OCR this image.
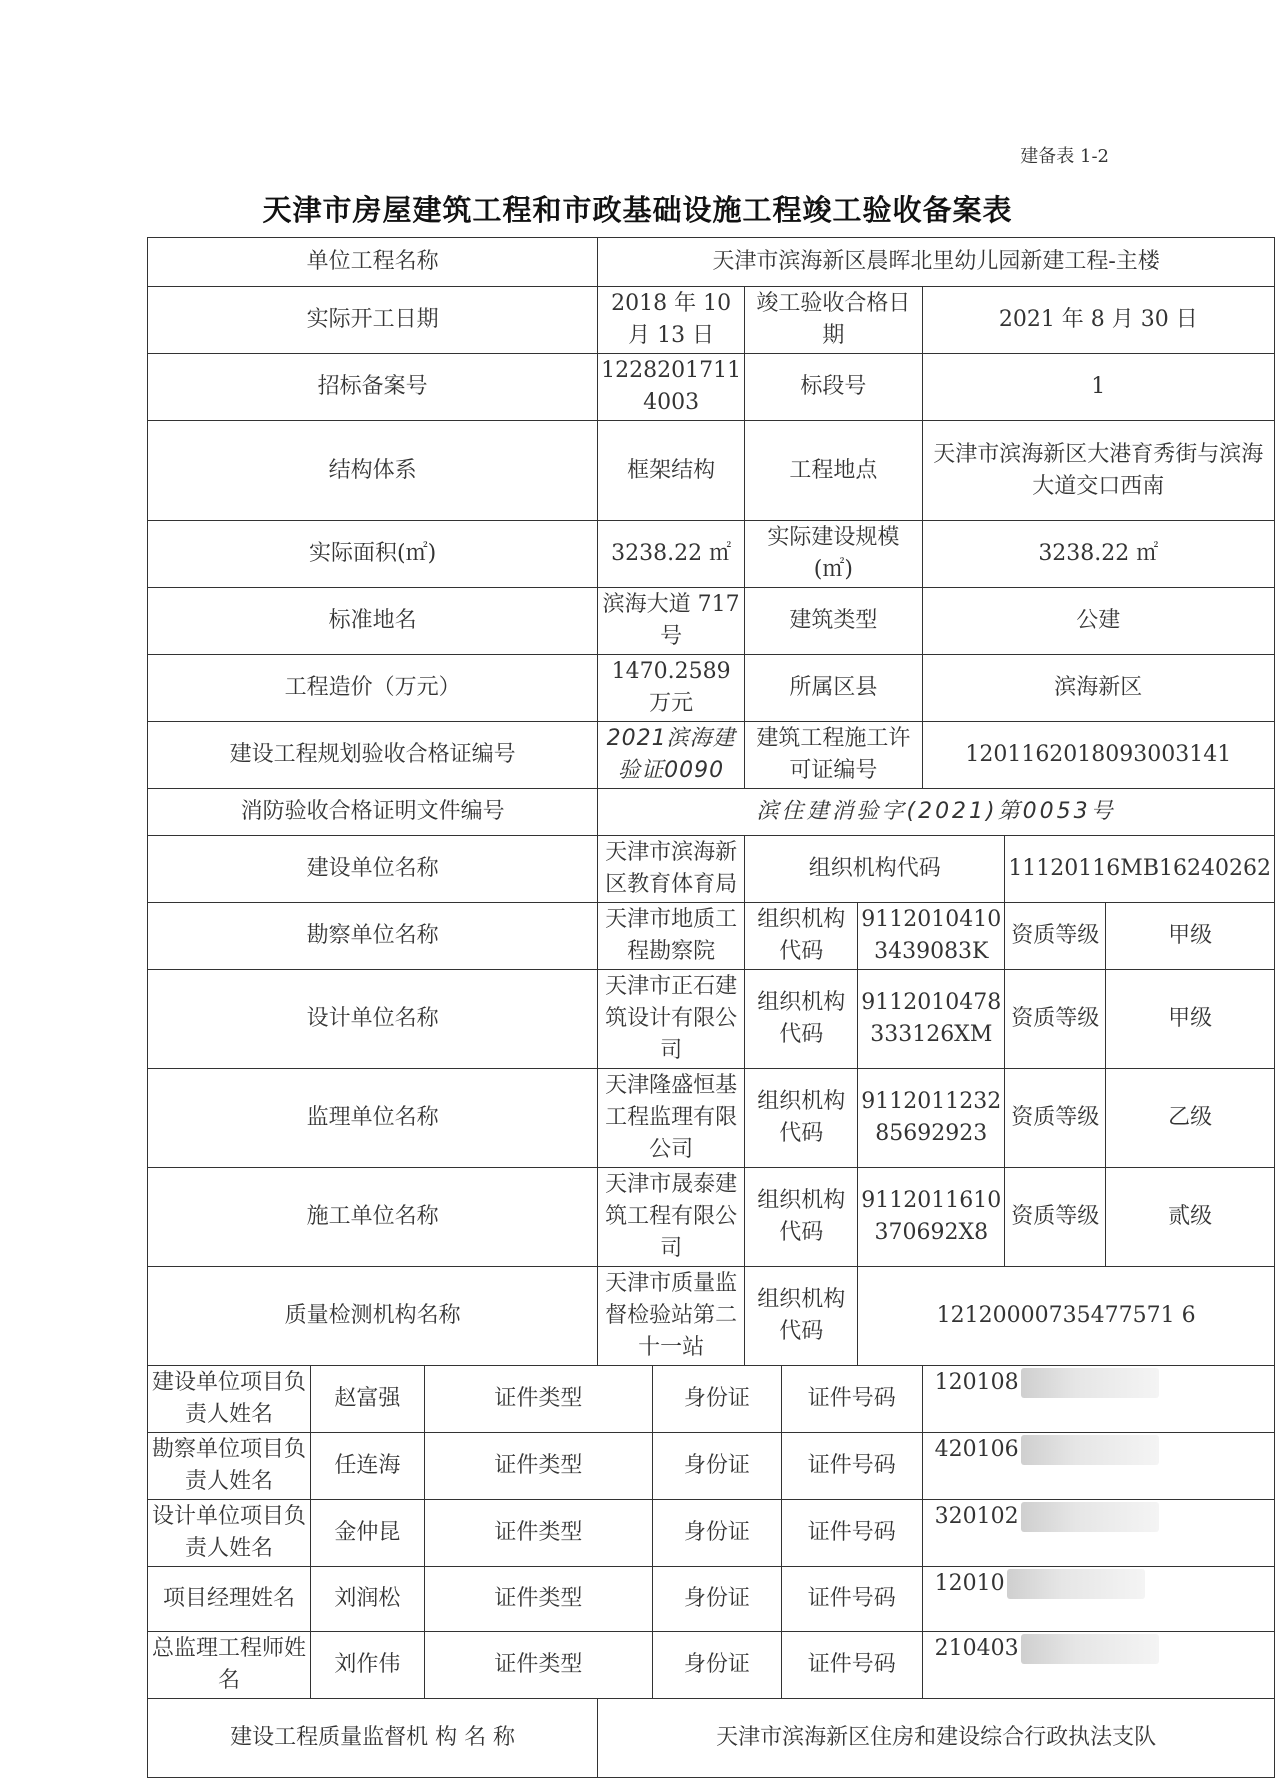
建备表 1-2
天津市房屋建筑工程和市政基础设施工程竣工验收备案表
单位工程名称			天津市滨海新区晨晖北里幼儿园新建工程-主楼							
实际开工日期			2018 年 10 月 13 日		竣工验收合格日期			2021 年 8 月 30 日		
招标备案号			1228201711 4003		标段号			1		
结构体系			框架结构		工程地点			天津市滨海新区大港育秀街与滨海大道交口西南		
实际面积(㎡)			3238.22 ㎡		实际建设规模(㎡)			3238.22 ㎡		
标准地名			滨海大道 717 号		建筑类型			公建		
工程造价（万元）			1470.2589 万元		所属区县			滨海新区		
建设工程规划验收合格证编号			2021滨海建验证0090		建筑工程施工许可证编号			1201162018093003141		
消防验收合格证明文件编号			滨住建消验字(2021)第0053号							
建设单位名称			天津市滨海新区教育体育局		组织机构代码				11120116MB16240262	
勘察单位名称			天津市地质工程勘察院		组织机构代码		9112010410 3439083K		资质等级	甲级
设计单位名称			天津市正石建筑设计有限公司		组织机构代码		9112010478 333126XM		资质等级	甲级
监理单位名称			天津隆盛恒基工程监理有限公司		组织机构代码		9112011232 85692923		资质等级	乙级
施工单位名称			天津市晟泰建筑工程有限公司		组织机构代码		9112011610 370692X8		资质等级	贰级
质量检测机构名称			天津市质量监督检验站第二十一站		组织机构代码		12120000735477571 6			
建设单位项目负责人姓名	赵富强	证件类型		身份证		证件号码		120108		
勘察单位项目负责人姓名	任连海	证件类型		身份证		证件号码		420106		
设计单位项目负责人姓名	金仲昆	证件类型		身份证		证件号码		320102		
项目经理姓名	刘润松	证件类型		身份证		证件号码		12010		
总监理工程师姓名	刘作伟	证件类型		身份证		证件号码		210403		
建设工程质量监督机 构 名 称			天津市滨海新区住房和建设综合行政执法支队							
